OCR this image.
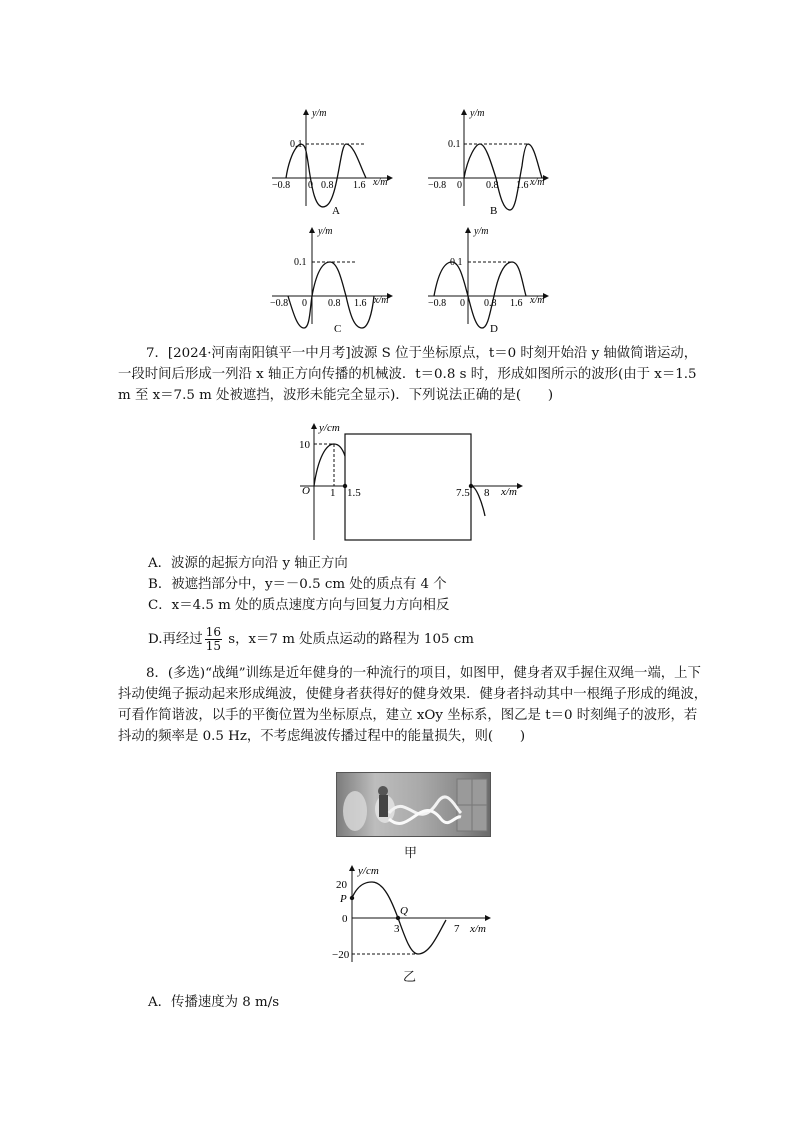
y/m
x/m
0.1
−0.8 0 0.8 1.6
A
y/m
x/m
0.1
−0.8 0 0.8 1.6
B
y/m
x/m
0.1
−0.8 0 0.8 1.6
C
y/m
x/m
0.1
−0.8 0 0.8 1.6
D
7．[2024·河南南阳镇平一中月考]波源 S 位于坐标原点，t＝0 时刻开始沿 y 轴做简谐运动，一段时间后形成一列沿 x 轴正方向传播的机械波．t＝0.8 s 时，形成如图所示的波形(由于 x＝1.5 m 至 x＝7.5 m 处被遮挡，波形未能完全显示)．下列说法正确的是(　　)
y/cm
x/m
O
10
1 1.5	7.5 8
A．波源的起振方向沿 y 轴正方向
B．被遮挡部分中，y＝－0.5 cm 处的质点有 4 个
C．x＝4.5 m 处的质点速度方向与回复力方向相反
D.再经过 $\frac{16}{15}$ s，x＝7 m 处质点运动的路程为 105 cm
8．(多选)“战绳”训练是近年健身的一种流行的项目，如图甲，健身者双手握住双绳一端，上下抖动使绳子振动起来形成绳波，使健身者获得好的健身效果．健身者抖动其中一根绳子形成的绳波，可看作简谐波，以手的平衡位置为坐标原点，建立 xOy 坐标系，图乙是 t＝0 时刻绳子的波形，若抖动的频率是 0.5 Hz，不考虑绳波传播过程中的能量损失，则(　　)
甲
y/cm
x/m
20
P
0
−20
Q
3	7
乙
A．传播速度为 8 m/s
